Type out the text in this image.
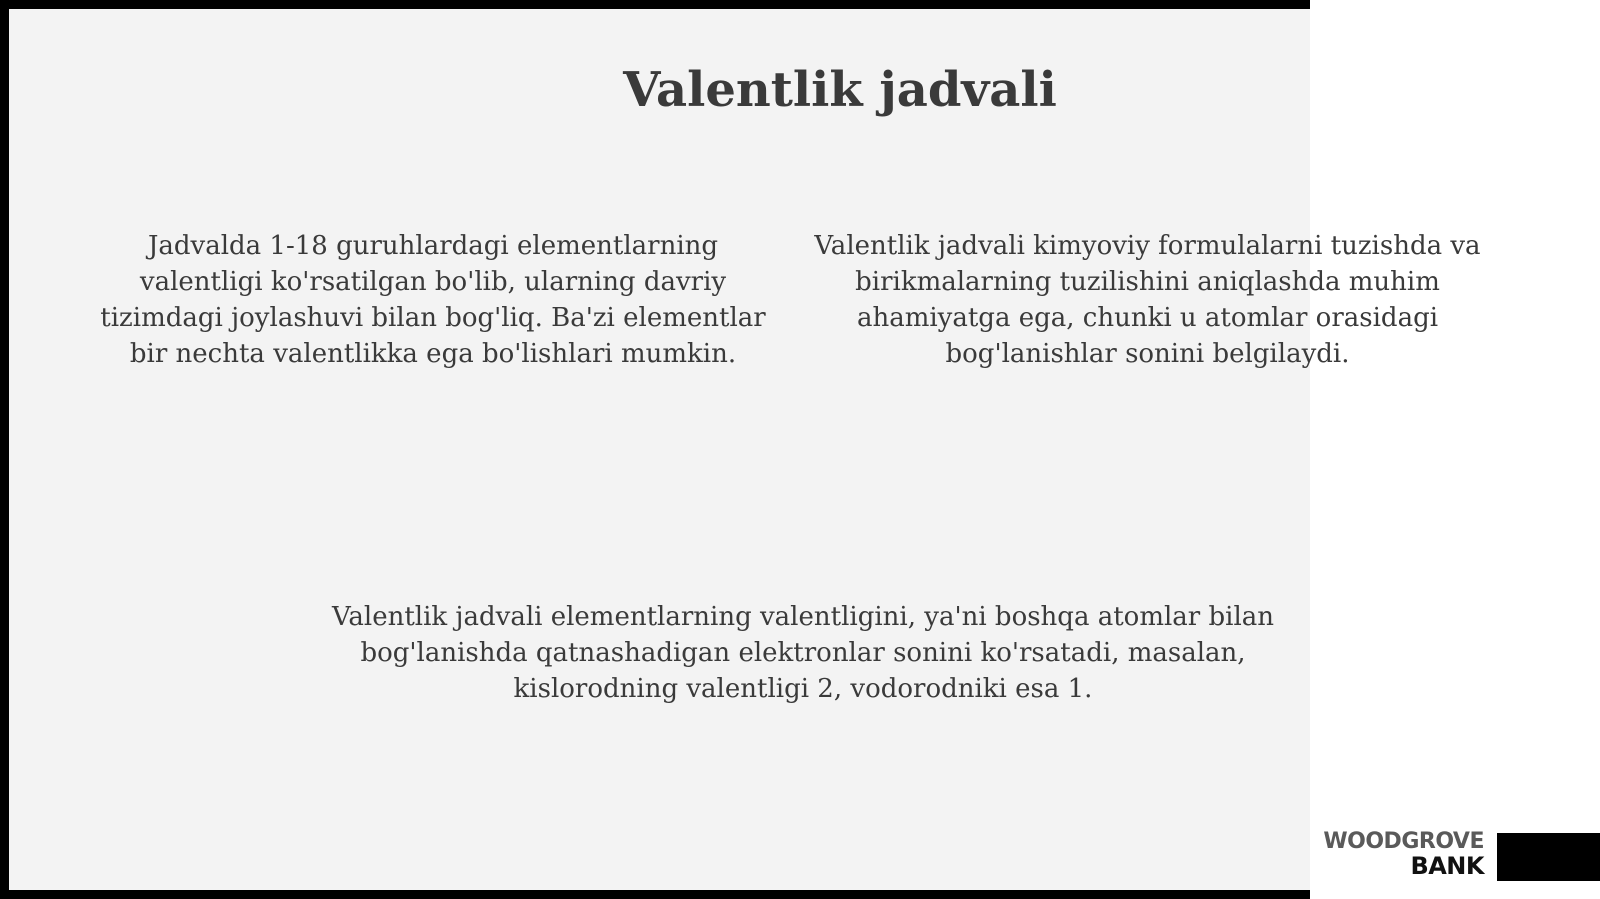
Valentlik jadvali
Jadvalda 1-18 guruhlardagi elementlarning valentligi ko'rsatilgan bo'lib, ularning davriy tizimdagi joylashuvi bilan bog'liq. Ba'zi elementlar bir nechta valentlikka ega bo'lishlari mumkin.
Valentlik jadvali kimyoviy formulalarni tuzishda va birikmalarning tuzilishini aniqlashda muhim ahamiyatga ega, chunki u atomlar orasidagi bog'lanishlar sonini belgilaydi.
Valentlik jadvali elementlarning valentligini, ya'ni boshqa atomlar bilan bog'lanishda qatnashadigan elektronlar sonini ko'rsatadi, masalan, kislorodning valentligi 2, vodorodniki esa 1.
WOODGROVE
BANK
